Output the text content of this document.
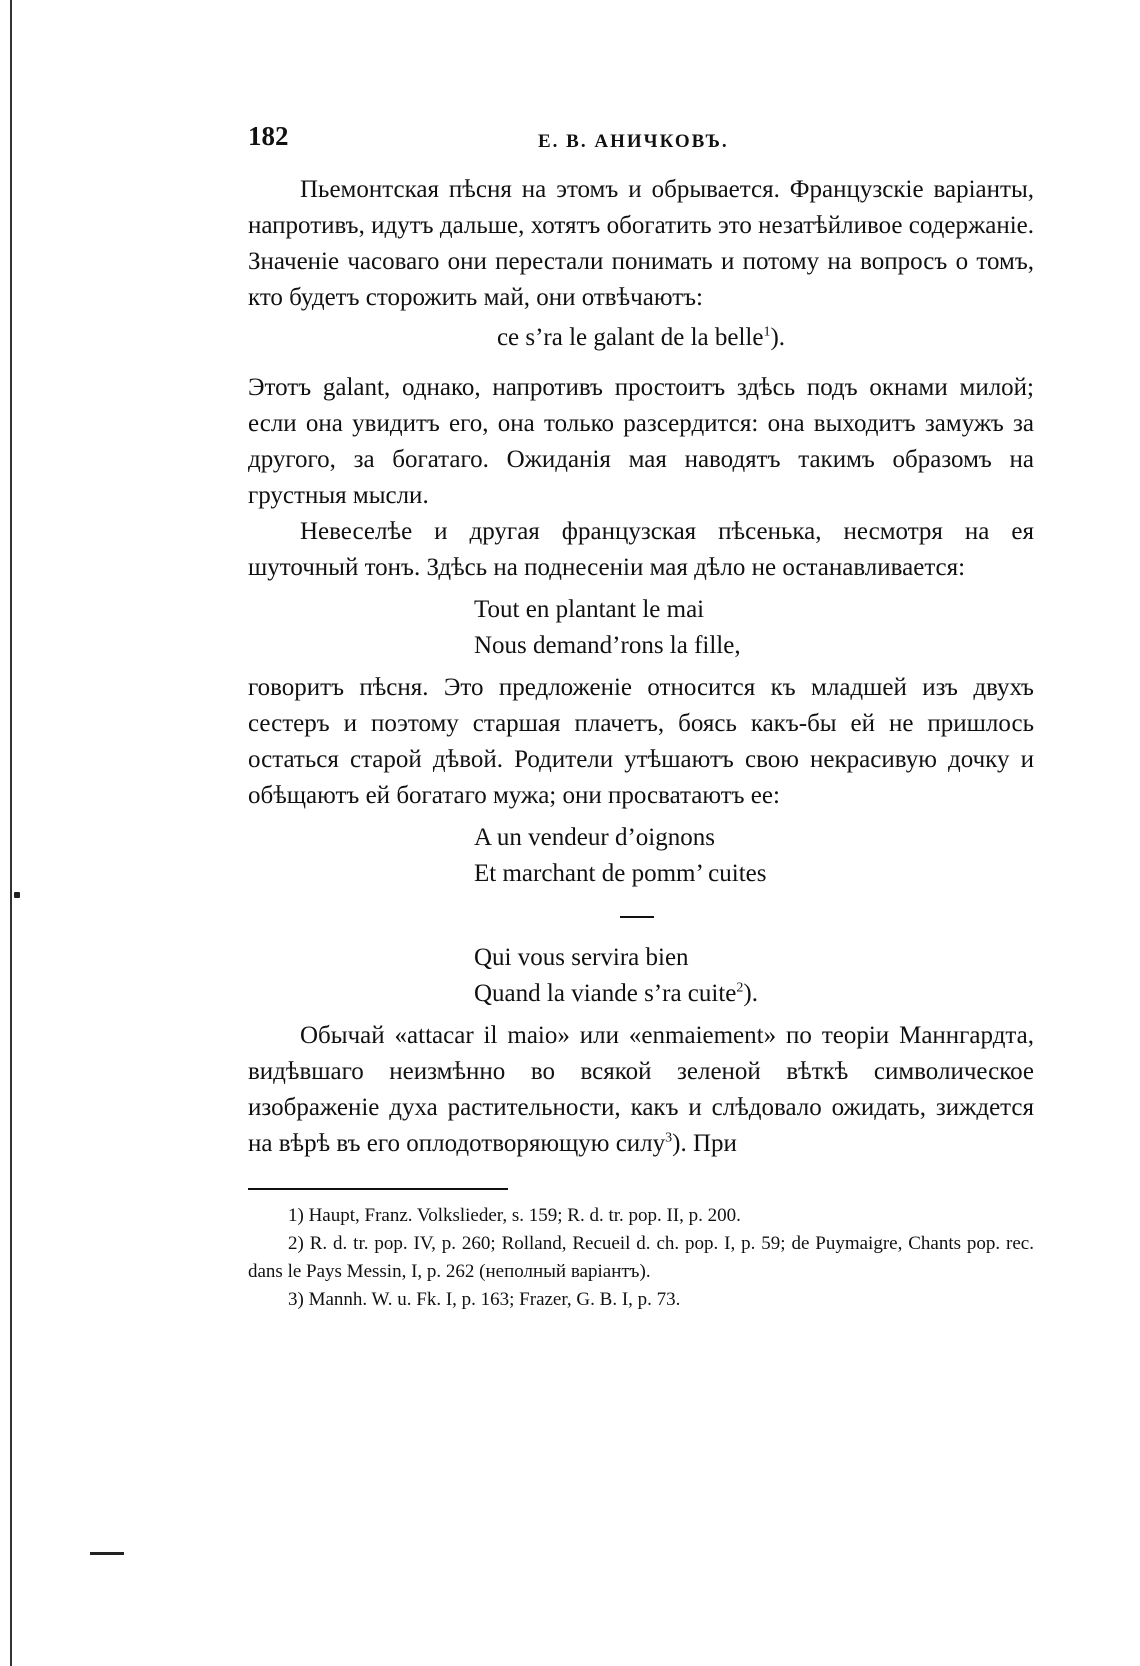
182	Е. В. АНИЧКОВЪ.

Пьемонтская пѣсня на этомъ и обрывается. Французскіе варіанты, напротивъ, идутъ дальше, хотятъ обогатить это незатѣйливое содержаніе. Значеніе часоваго они перестали понимать и потому на вопросъ о томъ, кто будетъ сторожить май, они отвѣчаютъ:

ce s’ra le galant de la belle$^1$).

Этотъ galant, однако, напротивъ простоитъ здѣсь подъ окнами милой; если она увидитъ его, она только разсердится: она выходитъ замужъ за другого, за богатаго. Ожиданія мая наводятъ такимъ образомъ на грустныя мысли.

Невеселѣе и другая французская пѣсенька, несмотря на ея шуточный тонъ. Здѣсь на поднесеніи мая дѣло не останавливается:

Tout en plantant le mai
Nous demand’rons la fille,

говоритъ пѣсня. Это предложеніе относится къ младшей изъ двухъ сестеръ и поэтому старшая плачетъ, боясь какъ-бы ей не пришлось остаться старой дѣвой. Родители утѣшаютъ свою некрасивую дочку и обѣщаютъ ей богатаго мужа; они просватаютъ ее:

A un vendeur d’oignons
Et marchant de pomm’ cuites
Qui vous servira bien
Quand la viande s’ra cuite$^2$).

Обычай «attacar il maio» или «enmaiement» по теоріи Маннгардта, видѣвшаго неизмѣнно во всякой зеленой вѣткѣ символическое изображеніе духа растительности, какъ и слѣдовало ожидать, зиждется на вѣрѣ въ его оплодотворяющую силу$^3$). При

1) Haupt, Franz. Volkslieder, s. 159; R. d. tr. pop. II, p. 200.

2) R. d. tr. pop. IV, p. 260; Rolland, Recueil d. ch. pop. I, p. 59; de Puymaigre, Chants pop. rec. dans le Pays Messin, I, p. 262 (неполный варіантъ).

3) Mannh. W. u. Fk. I, p. 163; Frazer, G. B. I, p. 73.
